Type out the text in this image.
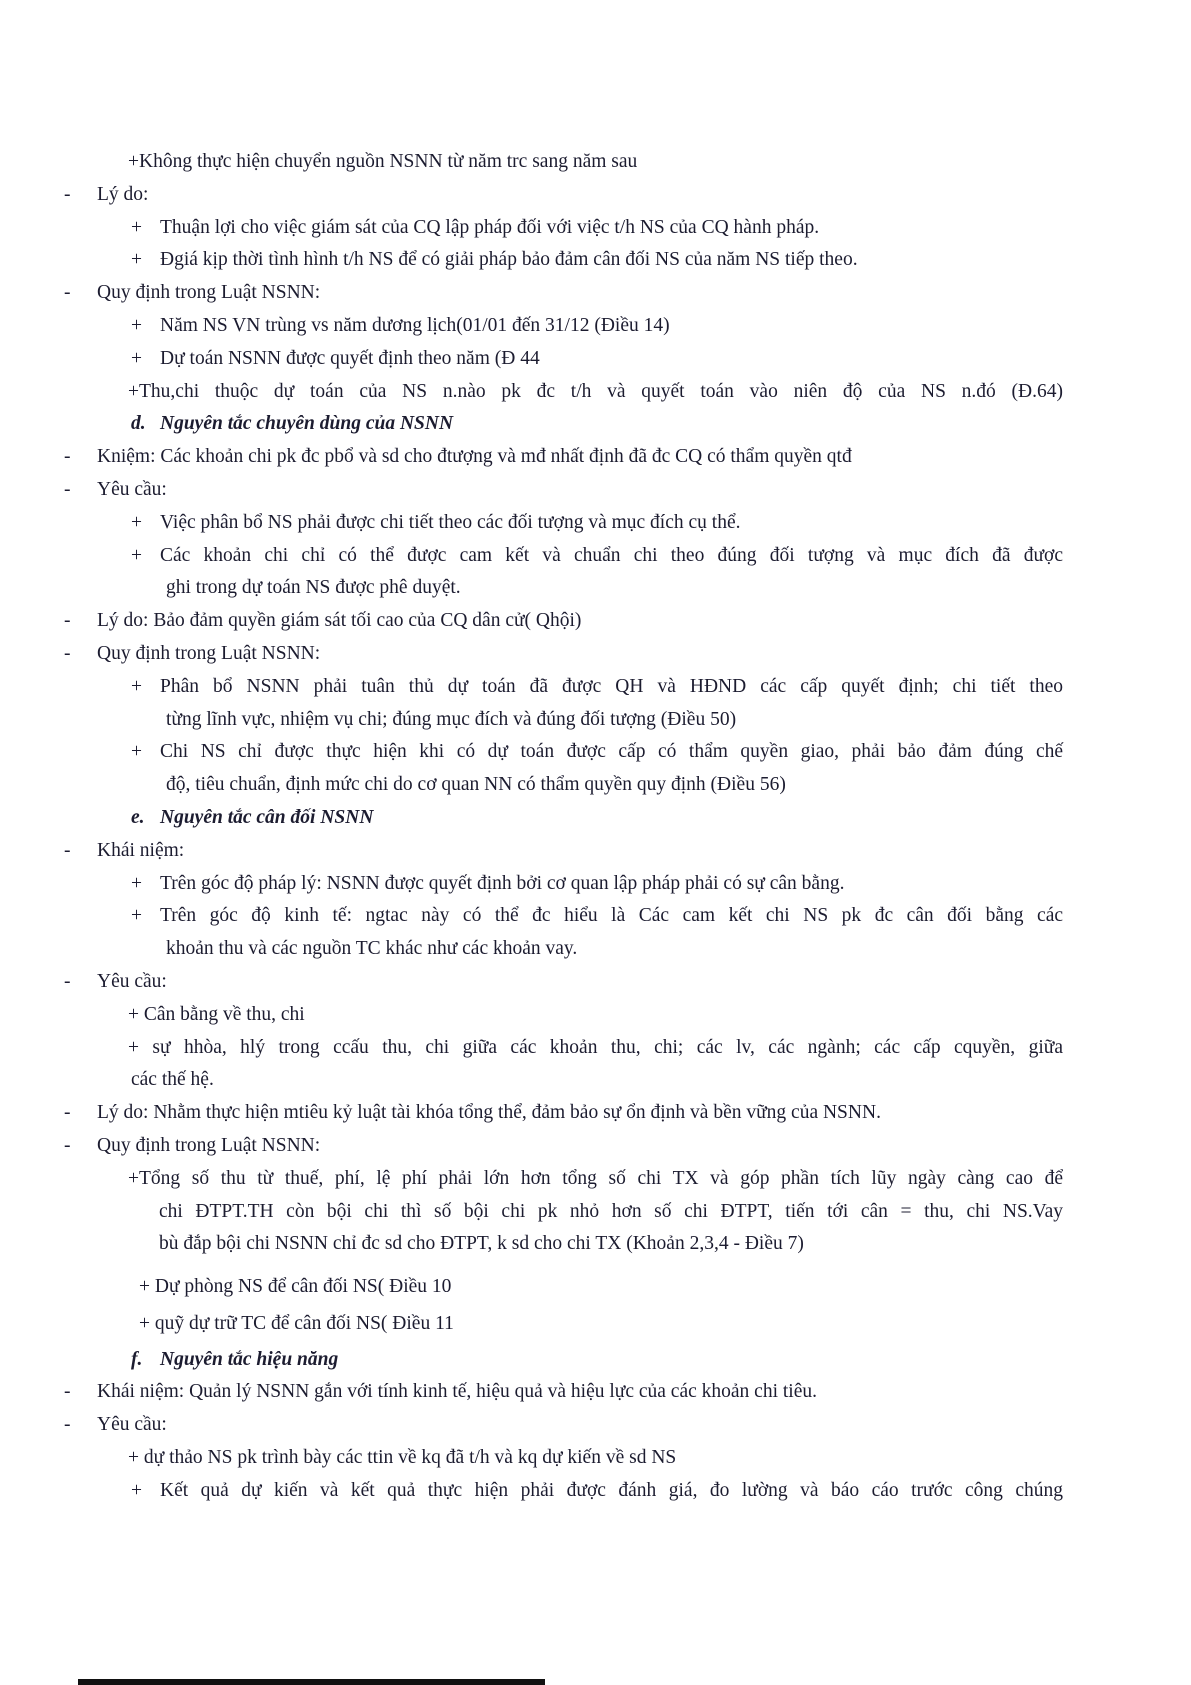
+Không thực hiện chuyển nguồn NSNN từ năm trc sang năm sau
- Lý do:
+ Thuận lợi cho việc giám sát của CQ lập pháp đối với việc t/h NS của CQ hành pháp.
+ Đgiá kịp thời tình hình t/h NS để có giải pháp bảo đảm cân đối NS của năm NS tiếp theo.
- Quy định trong Luật NSNN:
+ Năm NS VN trùng vs năm dương lịch(01/01 đến 31/12 (Điều 14)
+ Dự toán NSNN được quyết định theo năm (Đ 44
+Thu,chi thuộc dự toán của NS n.nào pk đc t/h và quyết toán vào niên độ của NS n.đó (Đ.64)
d. Nguyên tắc chuyên dùng của NSNN
- Kniệm: Các khoản chi pk đc pbổ và sd cho đtượng và mđ nhất định đã đc CQ có thẩm quyền qtđ
- Yêu cầu:
+ Việc phân bổ NS phải được chi tiết theo các đối tượng và mục đích cụ thể.
+ Các khoản chi chỉ có thể được cam kết và chuẩn chi theo đúng đối tượng và mục đích đã được
ghi trong dự toán NS được phê duyệt.
- Lý do: Bảo đảm quyền giám sát tối cao của CQ dân cử( Qhội)
- Quy định trong Luật NSNN:
+ Phân bổ NSNN phải tuân thủ dự toán đã được QH và HĐND các cấp quyết định; chi tiết theo
từng lĩnh vực, nhiệm vụ chi; đúng mục đích và đúng đối tượng (Điều 50)
+ Chi NS chỉ được thực hiện khi có dự toán được cấp có thẩm quyền giao, phải bảo đảm đúng chế
độ, tiêu chuẩn, định mức chi do cơ quan NN có thẩm quyền quy định (Điều 56)
e. Nguyên tắc cân đối NSNN
- Khái niệm:
+ Trên góc độ pháp lý: NSNN được quyết định bởi cơ quan lập pháp phải có sự cân bằng.
+ Trên góc độ kinh tế: ngtac này có thể đc hiểu là Các cam kết chi NS pk đc cân đối bằng các
khoản thu và các nguồn TC khác như các khoản vay.
- Yêu cầu:
+ Cân bằng về thu, chi
+ sự hhòa, hlý trong ccấu thu, chi giữa các khoản thu, chi; các lv, các ngành; các cấp cquyền, giữa
các thế hệ.
- Lý do: Nhằm thực hiện mtiêu kỷ luật tài khóa tổng thể, đảm bảo sự ổn định và bền vững của NSNN.
- Quy định trong Luật NSNN:
+Tổng số thu từ thuế, phí, lệ phí phải lớn hơn tổng số chi TX và góp phần tích lũy ngày càng cao để
chi ĐTPT.TH còn bội chi thì số bội chi pk nhỏ hơn số chi ĐTPT, tiến tới cân = thu, chi NS.Vay
bù đắp bội chi NSNN chỉ đc sd cho ĐTPT, k sd cho chi TX (Khoản 2,3,4 - Điều 7)
+ Dự phòng NS để cân đối NS( Điều 10
+ quỹ dự trữ TC để cân đối NS( Điều 11
f. Nguyên tắc hiệu năng
- Khái niệm: Quản lý NSNN gắn với tính kinh tế, hiệu quả và hiệu lực của các khoản chi tiêu.
- Yêu cầu:
+ dự thảo NS pk trình bày các ttin về kq đã t/h và kq dự kiến về sd NS
+ Kết quả dự kiến và kết quả thực hiện phải được đánh giá, đo lường và báo cáo trước công chúng
